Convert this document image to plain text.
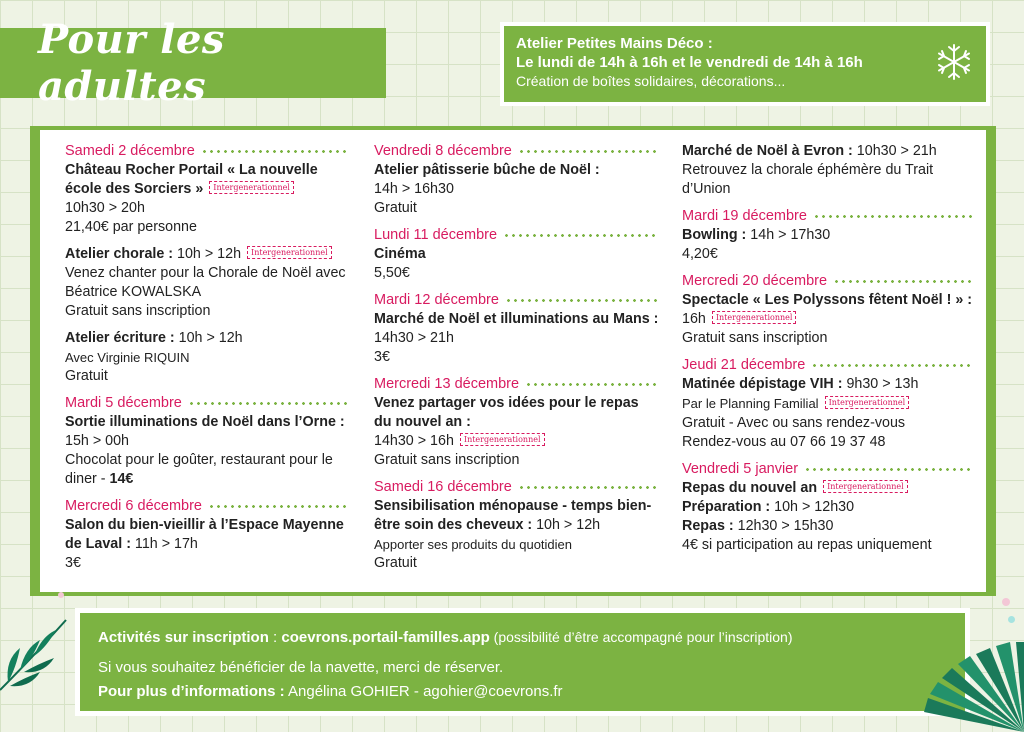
Pour les adultes
Atelier Petites Mains Déco :
Le lundi de 14h à 16h et le vendredi de 14h à 16h
Création de boîtes solidaires, décorations...
Samedi 2 décembre
Château Rocher Portail « La nouvelle école des Sorciers » Intergenerationnel
10h30 > 20h
21,40€ par personne
Atelier chorale : 10h > 12h Intergenerationnel
Venez chanter pour la Chorale de Noël avec Béatrice KOWALSKA
Gratuit sans inscription
Atelier écriture : 10h > 12h
Avec Virginie RIQUIN
Gratuit
Mardi 5 décembre
Sortie illuminations de Noël dans l’Orne : 15h > 00h
Chocolat pour le goûter, restaurant pour le diner - 14€
Mercredi 6 décembre
Salon du bien-vieillir à l’Espace Mayenne de Laval : 11h > 17h
3€
Vendredi 8 décembre
Atelier pâtisserie bûche de Noël :
14h > 16h30
Gratuit
Lundi 11 décembre
Cinéma
5,50€
Mardi 12 décembre
Marché de Noël et illuminations au Mans : 14h30 > 21h
3€
Mercredi 13 décembre
Venez partager vos idées pour le repas du nouvel an :
14h30 > 16h Intergenerationnel
Gratuit sans inscription
Samedi 16 décembre
Sensibilisation ménopause - temps bien-être soin des cheveux : 10h > 12h
Apporter ses produits du quotidien
Gratuit
Marché de Noël à Evron : 10h30 > 21h
Retrouvez la chorale éphémère du Trait d’Union
Mardi 19 décembre
Bowling : 14h > 17h30
4,20€
Mercredi 20 décembre
Spectacle « Les Polyssons fêtent Noël ! » : 16h Intergenerationnel
Gratuit sans inscription
Jeudi 21 décembre
Matinée dépistage VIH : 9h30 > 13h
Par le Planning Familial Intergenerationnel
Gratuit - Avec ou sans rendez-vous
Rendez-vous au 07 66 19 37 48
Vendredi 5 janvier
Repas du nouvel an Intergenerationnel
Préparation : 10h > 12h30
Repas : 12h30 > 15h30
4€ si participation au repas uniquement
Activités sur inscription : coevrons.portail-familles.app (possibilité d’être accompagné pour l’inscription)
Si vous souhaitez bénéficier de la navette, merci de réserver.
Pour plus d’informations : Angélina GOHIER - agohier@coevrons.fr
